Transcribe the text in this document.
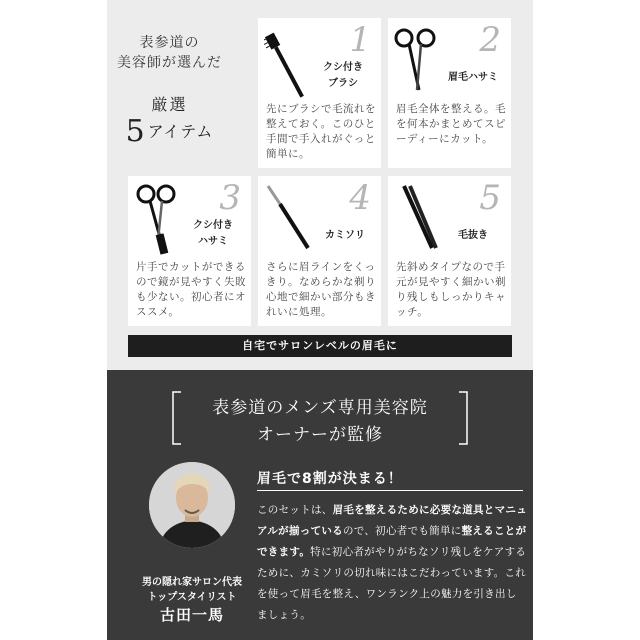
表参道の
美容師が選んだ
厳選
5 アイテム
1
クシ付き
ブラシ
先にブラシで毛流れを整えておく。このひと手間で手入れがぐっと簡単に。
2
眉毛ハサミ
眉毛全体を整える。毛を何本かまとめてスピーディーにカット。
3
クシ付き
ハサミ
片手でカットができるので鏡が見やすく失敗も少ない。初心者にオススメ。
4
カミソリ
さらに眉ラインをくっきり。なめらかな剃り心地で細かい部分もきれいに処理。
5
毛抜き
先斜めタイプなので手元が見やすく細かい剃り残しもしっかりキャッチ。
自宅でサロンレベルの眉毛に
表参道のメンズ専用美容院
オーナーが監修
男の隠れ家サロン代表
トップスタイリスト
古田一馬
眉毛で8割が決まる！
このセットは、眉毛を整えるために必要な道具とマニュアルが揃っているので、初心者でも簡単に整えることができます。特に初心者がやりがちなソリ残しをケアするために、カミソリの切れ味にはこだわっています。これを使って眉毛を整え、ワンランク上の魅力を引き出しましょう。
